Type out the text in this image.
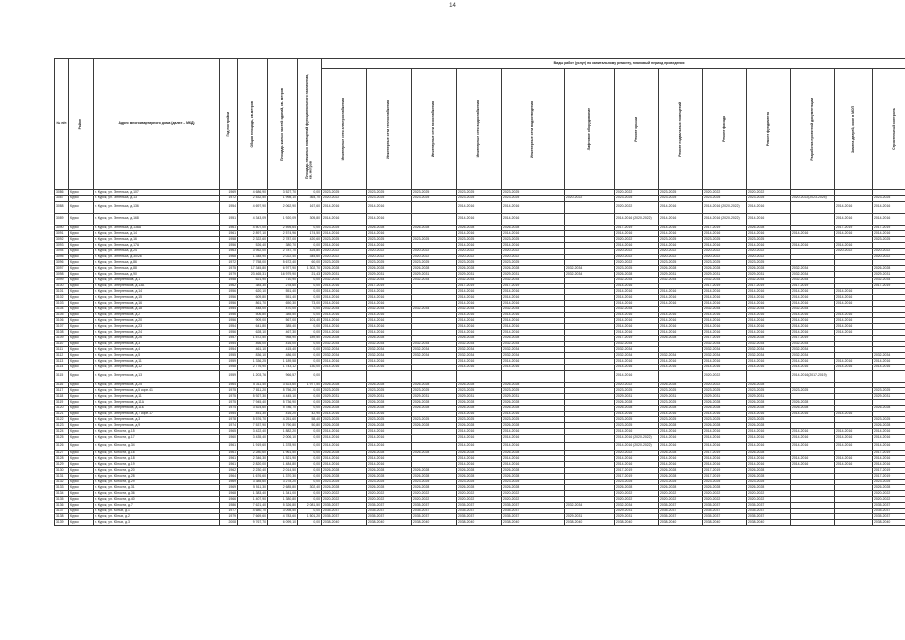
14
№ п/п	Район	Адрес многоквартирного дома (далее – МКД)	Год постройки	Общая площадь, кв.метров	Площадь жилых частей зданий, кв. метров	Площадь нежилых помещений функционального назначения, кв. метров	Виды работ (услуг) по капитальному ремонту, плановый период проведения												

							Инженерные сети электроснабжения	Инженерные сети теплоснабжения	Инженерные сети газоснабжения	Инженерные сети водоснабжения	Инженерные сети водоотведения	Лифтовое оборудование	Ремонт крыши	Ремонт подвальных помещений	Ремонт фасада	Ремонт фундамента	Разработка проектной документации	Замена дверей, окон в МОП	Строительный контроль

3086	Курск	г. Курск, ул. Энгельса, д.107	1969	4 686,90	3 527,70	0,00	2023-2025	2023-2025	2023-2025	2023-2025	2023-2025		2020-2022	2023-2025	2020-2022	2020-2022			
3087	Курск	г. Курск, ул. Энгельса, д.13	1972	2 532,50	1 998,10	364,70	2020-2022	2023-2025	2023-2025	2023-2025	2023-2025	2020-2022	2023-2025	2023-2025	2023-2025	2023-2025	2020-2022(2023-2025)		2023-2025
3088	Курск	г. Курск, ул. Энгельса, д.136	1954	4 697,90	2 062,90	167,60	2014-2016	2014-2016		2014-2016	2014-2016		2020-2022	2014-2016	2014-2016 (2020-2022)	2014-2016		2014-2016	2014-2016
3089	Курск	г. Курск, ул. Энгельса, д.168	1951	4 343,09	1 920,09	305,80	2014-2016	2014-2016		2014-2016	2014-2016		2014-2016 (2020-2022)	2014-2016	2014-2016 (2020-2022)	2014-2016		2014-2016	2014-2016
3090	Курск	г. Курск, ул. Энгельса, д.138А	1961	4 507,00	2 595,64	0,00	2023-2025	2026-2028	2026-2028	2026-2028	2026-2028		2017-2019	2014-2016	2017-2019	2026-2028		2017-2019	2017-2019
3091	Курск	г. Курск, ул. Энгельса, д.14	1961	2 897,10	2 574,96	174,50	2014-2016	2014-2016		2014-2016	2014-2016		2014-2016	2014-2016	2014-2016	2014-2016	2014-2016	2014-2016	2014-2016
3092	Курск	г. Курск, ул. Энгельса, д.16	1958	2 322,60	2 787,00	420,60	2023-2025	2023-2025	2023-2025	2023-2025	2023-2025		2020-2022	2023-2025	2023-2025	2023-2025			2023-2025
3093	Курск	г. Курск, ул. Энгельса, д.17А	1956	526,40	380,70	0,00	2014-2016	2014-2016		2014-2016	2014-2016		2014-2016	2014-2016	2014-2016	2014-2016	2014-2016	2014-2016	
3094	Курск	г. Курск, ул. Энгельса, д.24	1963	3 952,00	2 787,70	425,80	2020-2022	2020-2022	2020-2022	2020-2022	2020-2022		2020-2022	2020-2022	2020-2022	2020-2022		2020-2022	2020-2022
3095	Курск	г. Курск, ул. Энгельса, д.30/28	1968	1 348,90	2 022,40	345,60	2020-2022	2020-2022	2020-2022	2020-2022	2020-2022		2020-2022	2020-2022	2020-2022	2020-2022			2020-2022
3096	Курск	г. Курск, ул. Энгельса, д.86	1972	7 758,00	5 672,40	60,00	2023-2025	2023-2025	2023-2025	2023-2025	2023-2025		2020-2022	2023-2025	2023-2025	2023-2025			
3097	Курск	г. Курск, ул. Энгельса, д.88	1975	17 345,80	6 977,90	1 302,70	2026-2028	2026-2028	2026-2028	2026-2028	2026-2028	2032-2034	2023-2025	2026-2028	2026-2028	2026-2028	2032-2034		2026-2028
3098	Курск	г. Курск, ул. Энгельса, д.90	1979	23 465,31	16 979,90	21,43	2029-2031	2029-2031	2029-2031	2029-2031	2029-2031	2032-2034	2026-2028	2029-2031	2029-2031	2029-2031	2032-2034		2029-2031
3099	Курск	г. Курск, ул. Энергетиков, д.1	1958	621,90	710,90	0,00	2032-2034	2032-2034	2032-2034	2032-2034	2032-2034		2032-2034	2032-2034	2032-2034	2032-2034	2032-2034		2032-2034
3100	Курск	г. Курск, ул. Энергетиков, д.13А	1962	384,30	278,60	0,00	2014-2016	2017-2019		2017-2019	2017-2019		2014-2016		2017-2019	2017-2019	2017-2019		2017-2019
3101	Курск	г. Курск, ул. Энергетиков, д.14	1956	620,10	551,40	0,00	2014-2016	2014-2016		2014-2016	2014-2016		2014-2016	2014-2016	2014-2016	2014-2016	2014-2016	2014-2016	
3102	Курск	г. Курск, ул. Энергетиков, д.15	1956	609,80	551,40	0,00	2014-2016	2014-2016		2014-2016	2014-2016		2014-2016	2014-2016	2014-2016	2014-2016	2014-2016	2014-2016	
3103	Курск	г. Курск, ул. Энергетиков, д.16	1956	861,70	650,30	73,00	2014-2016	2014-2016		2014-2016	2014-2016		2014-2016	2014-2016	2014-2016	2014-2016	2014-2016	2014-2016	
3104	Курск	г. Курск, ул. Энергетиков, д.18	1954	448,00	470,00	0,00	2032-2034	2032-2034	2032-2034	2032-2034	2032-2034		2032-2034		2032-2034	2032-2034	2032-2034		
3105	Курск	г. Курск, ул. Энергетиков, д.2	1956	506,80	385,50	0,00	2014-2016	2014-2016		2014-2016	2014-2016		2014-2016	2014-2016	2014-2016	2014-2016	2014-2016	2014-2016	
3106	Курск	г. Курск, ул. Энергетиков, д.20	1956	909,00	567,00	101,40	2014-2016	2014-2016		2014-2016	2014-2016		2014-2016	2014-2016	2014-2016	2014-2016	2014-2016	2014-2016	
3107	Курск	г. Курск, ул. Энергетиков, д.23	1954	641,80	385,40	0,00	2014-2016	2014-2016		2014-2016	2014-2016		2014-2016	2014-2016	2014-2016	2014-2016	2014-2016	2014-2016	
3108	Курск	г. Курск, ул. Энергетиков, д.24	1956	628,10	467,30	0,00	2014-2016	2014-2016		2014-2016	2014-2016		2014-2016	2014-2016	2014-2016	2014-2016	2014-2016	2014-2016	
3109	Курск	г. Курск, ул. Энергетиков, д.26	1957	1 572,50	958,90	189,50	2026-2028	2026-2028		2026-2028	2026-2028		2017-2019	2026-2028	2017-2019	2026-2028	2017-2019		
3110	Курск	г. Курск, ул. Энергетиков, д.3	1954	466,00	416,00	0,00	2032-2034	2032-2034	2032-2034	2032-2034	2032-2034		2032-2034		2032-2034	2032-2034	2032-2034		
3111	Курск	г. Курск, ул. Энергетиков, д.4	1954	461,10	415,40	0,00	2032-2034	2032-2034	2032-2034	2032-2034	2032-2034		2032-2034		2032-2034	2032-2034	2032-2034		
3112	Курск	г. Курск, ул. Энергетиков, д.5	1955	836,10	486,00	0,00	2032-2034	2032-2034	2032-2034	2032-2034	2032-2034		2032-2034	2032-2034	2032-2034	2032-2034	2032-2034		2032-2034
3113	Курск	г. Курск, ул. Энергетиков, д.11	1959	1 336,25	1 189,58	0,00	2014-2016	2014-2016		2014-2016	2014-2016		2014-2016	2014-2016	2014-2016	2014-2016	2014-2016	2014-2016	2014-2016
3114	Курск	г. Курск, ул. Энергетиков, д.12	1958	2 776,90	1 743,12	130,00	2014-2016	2014-2016		2014-2016	2014-2016		2014-2016	2014-2016	2014-2016	2014-2016	2014-2016	2014-2016	2014-2016
3115	Курск	г. Курск, ул. Энергетиков, д.13	1959	1 203,76	966,57	0,00							2014-2016		2020-2022		2014-2016(2017-2019)		
3116	Курск	г. Курск, ул. Энергетиков, д.25	1964	5 311,40	3 523,60	1 977,50	2026-2028	2026-2028	2026-2028	2026-2028	2026-2028		2020-2022	2026-2028	2020-2022	2026-2028			
3117	Курск	г. Курск, ул. Энергетиков, д.5 корп.41	1975	7 811,20	5 756,20	0,00	2023-2025	2023-2025	2023-2025	2023-2025	2023-2025		2023-2025	2023-2025	2023-2025	2023-2025	2023-2025		2023-2025
3118	Курск	г. Курск, ул. Энергетиков, д.11	1975	5 927,30	4 445,10	0,00	2029-2031	2029-2031	2029-2031	2029-2031	2029-2031		2029-2031	2029-2031	2029-2031	2029-2031			2029-2031
3119	Курск	г. Курск, ул. Энергетиков, д.11А	1975	7 945,40	5 736,90	0,00	2026-2028	2026-2028	2026-2028	2026-2028	2026-2028		2026-2028	2023-2025	2026-2028	2026-2028	2026-2028		
3120	Курск	г. Курск, ул. Энергетиков, д.11Б	1974	3 524,60	5 786,70	0,00	2026-2028	2026-2028	2026-2028	2026-2028	2026-2028		2026-2028	2026-2028	2026-2028	2026-2028	2026-2028		2026-2028
3121	Курск	г. Курск, ул. Энергетиков, д.7 корп.17	1954	451,30	416,20	42,90	2014-2016	2014-2016		2014-2016	2014-2016		2014-2016	2014-2016	2014-2016	2014-2016	2014-2016	2014-2016	
3122	Курск	г. Курск, ул. Энергетиков, д.3	1978	5 576,70	4 251,60	58,40	2023-2025	2023-2025	2023-2025	2023-2025	2023-2025		2023-2025	2023-2025	2023-2025	2023-2025			2023-2025
3123	Курск	г. Курск, ул. Энергетиков, д.9	1974	7 537,90	5 790,80	50,80	2026-2028	2026-2028	2026-2028	2026-2028	2026-2028		2023-2025	2026-2028	2026-2028	2026-2028			2026-2028
3124	Курск	г. Курск, ул. Юности, д.15	1965	3 422,40	1 882,20	0,00	2014-2016	2014-2016		2014-2016	2014-2016		2014-2016	2014-2016	2014-2016	2014-2016	2014-2016	2014-2016	2014-2016
3125	Курск	г. Курск, ул. Юности, д.17	1960	3 435,40	2 006,10	0,00	2014-2016	2014-2016		2014-2016	2014-2016		2014-2016 (2020-2022)	2014-2016	2014-2016	2014-2016	2014-2016	2014-2016	2014-2016
3126	Курск	г. Курск, ул. Юности, д.34	1961	1 919,60	1 378,90	0,00	2014-2016	2014-2016		2014-2016	2014-2016		2014-2016 (2020-2022)	2014-2016	2014-2016	2014-2016	2014-2016	2014-2016	2014-2016
3127	Курск	г. Курск, ул. Юности, д.16	1961	2 280,60	1 961,50	0,00	2026-2028	2026-2028	2026-2028	2026-2028	2026-2028		2020-2022	2026-2028	2017-2019	2026-2028			2017-2019
3128	Курск	г. Курск, ул. Юности, д.18	1961	2 346,30	1 521,90	0,00	2014-2016	2014-2016		2014-2016	2014-2016		2014-2016	2014-2016	2014-2016	2014-2016	2014-2016	2014-2016	2014-2016
3129	Курск	г. Курск, ул. Юности, д.19	1961	2 820,00	1 484,80	0,00	2014-2016	2014-2016		2014-2016	2014-2016		2014-2016	2014-2016	2014-2016	2014-2016	2014-2016	2014-2016	2014-2016
3130	Курск	г. Курск, ул. Юности, д.20	1962	2 230,40	2 014,50	0,00	2026-2028	2026-2028	2026-2028	2026-2028	2026-2028		2017-2019	2026-2028	2017-2019	2026-2028			2017-2019
3131	Курск	г. Курск, ул. Юности, д.28	1964	1 676,60	1 370,30	0,00	2026-2028	2026-2028	2026-2028	2026-2028	2026-2028		2017-2019	2026-2028	2017-2019	2026-2028			2017-2019
3132	Курск	г. Курск, ул. Юности, д.29	1969	3 385,60	3 278,20	0,00	2023-2025	2023-2025	2023-2025	2023-2025	2023-2025		2023-2025	2023-2025	2023-2025	2023-2025			2023-2025
3133	Курск	г. Курск, ул. Юности, д.31	1969	5 511,30	2 685,80	302,40	2026-2028	2026-2028	2026-2028	2026-2028	2026-2028		2026-2028	2026-2028	2026-2028	2026-2028			2026-2028
3134	Курск	г. Курск, ул. Юности, д.36	1968	1 383,40	1 341,00	0,00	2020-2022	2020-2022	2020-2022	2020-2022	2020-2022		2020-2022	2020-2022	2020-2022	2020-2022			2020-2022
3135	Курск	г. Курск, ул. Юности, д.40	1966	1 407,90	1 380,80	0,00	2020-2022	2020-2022	2020-2022	2020-2022	2020-2022		2020-2022	2020-2022	2020-2022	2020-2022			2020-2022
3136	Курск	г. Курск, ул. Юности, д.7	1986	7 621,40	5 326,80	2 081,50	2035-2037	2035-2037	2035-2037	2035-2037	2035-2037	2032-2034	2032-2034	2035-2037	2035-2037	2035-2037			2035-2037
3137	Курск	г. Курск, ул. Юных, д.1	1977	4 680,70	3 098,50	0,00	2035-2037	2035-2037	2035-2037	2035-2037	2035-2037		2029-2031	2035-2037	2035-2037	2035-2037			2035-2037
3138	Курск	г. Курск, ул. Юных, д.2	1979	7 669,60	4 783,60	1 501,20	2035-2037	2035-2037	2035-2037	2035-2037	2035-2037	2029-2031	2029-2031	2035-2037	2035-2037	2035-2037			2035-2037
3139	Курск	г. Курск, ул. Юных, д.3	2008	9 767,70	6 099,10	0,00	2038-2040	2038-2040	2038-2040	2038-2040	2038-2040	2038-2040	2038-2040	2038-2040	2038-2040	2038-2040			2038-2040
